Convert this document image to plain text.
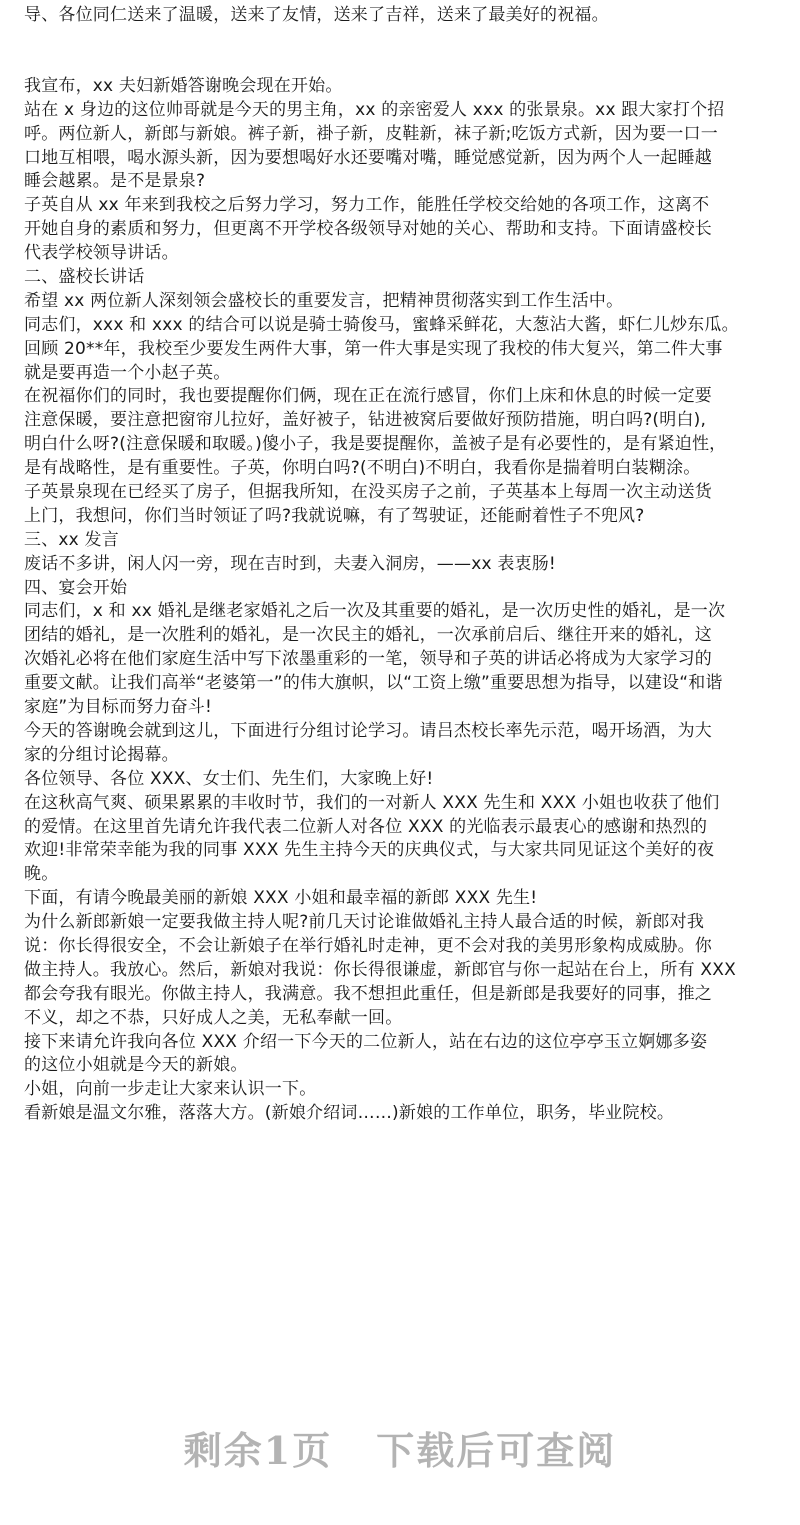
导、各位同仁送来了温暖，送来了友情，送来了吉祥，送来了最美好的祝福。
我宣布，xx 夫妇新婚答谢晚会现在开始。
站在 x 身边的这位帅哥就是今天的男主角，xx 的亲密爱人 xxx 的张景泉。xx 跟大家打个招
呼。两位新人，新郎与新娘。裤子新，褂子新，皮鞋新，袜子新;吃饭方式新，因为要一口一
口地互相喂，喝水源头新，因为要想喝好水还要嘴对嘴，睡觉感觉新，因为两个人一起睡越
睡会越累。是不是景泉?
子英自从 xx 年来到我校之后努力学习，努力工作，能胜任学校交给她的各项工作，这离不
开她自身的素质和努力，但更离不开学校各级领导对她的关心、帮助和支持。下面请盛校长
代表学校领导讲话。
二、盛校长讲话
希望 xx 两位新人深刻领会盛校长的重要发言，把精神贯彻落实到工作生活中。
同志们，xxx 和 xxx 的结合可以说是骑士骑俊马，蜜蜂采鲜花，大葱沾大酱，虾仁儿炒东瓜。
回顾 20**年，我校至少要发生两件大事，第一件大事是实现了我校的伟大复兴，第二件大事
就是要再造一个小赵子英。
在祝福你们的同时，我也要提醒你们俩，现在正在流行感冒，你们上床和休息的时候一定要
注意保暖，要注意把窗帘儿拉好，盖好被子，钻进被窝后要做好预防措施，明白吗?(明白),
明白什么呀?(注意保暖和取暖。)傻小子，我是要提醒你，盖被子是有必要性的，是有紧迫性，
是有战略性，是有重要性。子英，你明白吗?(不明白)不明白，我看你是揣着明白装糊涂。
子英景泉现在已经买了房子，但据我所知，在没买房子之前，子英基本上每周一次主动送货
上门，我想问，你们当时领证了吗?我就说嘛，有了驾驶证，还能耐着性子不兜风?
三、xx 发言
废话不多讲，闲人闪一旁，现在吉时到，夫妻入洞房，——xx 表衷肠!
四、宴会开始
同志们，x 和 xx 婚礼是继老家婚礼之后一次及其重要的婚礼，是一次历史性的婚礼，是一次
团结的婚礼，是一次胜利的婚礼，是一次民主的婚礼，一次承前启后、继往开来的婚礼，这
次婚礼必将在他们家庭生活中写下浓墨重彩的一笔，领导和子英的讲话必将成为大家学习的
重要文献。让我们高举“老婆第一”的伟大旗帜，以“工资上缴”重要思想为指导，以建设“和谐
家庭”为目标而努力奋斗!
今天的答谢晚会就到这儿，下面进行分组讨论学习。请吕杰校长率先示范，喝开场酒，为大
家的分组讨论揭幕。
各位领导、各位 XXX、女士们、先生们，大家晚上好!
在这秋高气爽、硕果累累的丰收时节，我们的一对新人 XXX 先生和 XXX 小姐也收获了他们
的爱情。在这里首先请允许我代表二位新人对各位 XXX 的光临表示最衷心的感谢和热烈的
欢迎!非常荣幸能为我的同事 XXX 先生主持今天的庆典仪式，与大家共同见证这个美好的夜
晚。
下面，有请今晚最美丽的新娘 XXX 小姐和最幸福的新郎 XXX 先生!
为什么新郎新娘一定要我做主持人呢?前几天讨论谁做婚礼主持人最合适的时候，新郎对我
说：你长得很安全，不会让新娘子在举行婚礼时走神，更不会对我的美男形象构成威胁。你
做主持人。我放心。然后，新娘对我说：你长得很谦虚，新郎官与你一起站在台上，所有 XXX
都会夸我有眼光。你做主持人，我满意。我不想担此重任，但是新郎是我要好的同事，推之
不义，却之不恭，只好成人之美，无私奉献一回。
接下来请允许我向各位 XXX 介绍一下今天的二位新人，站在右边的这位亭亭玉立婀娜多姿
的这位小姐就是今天的新娘。
小姐，向前一步走让大家来认识一下。
看新娘是温文尔雅，落落大方。(新娘介绍词……)新娘的工作单位，职务，毕业院校。
剩余1页 下载后可查阅
